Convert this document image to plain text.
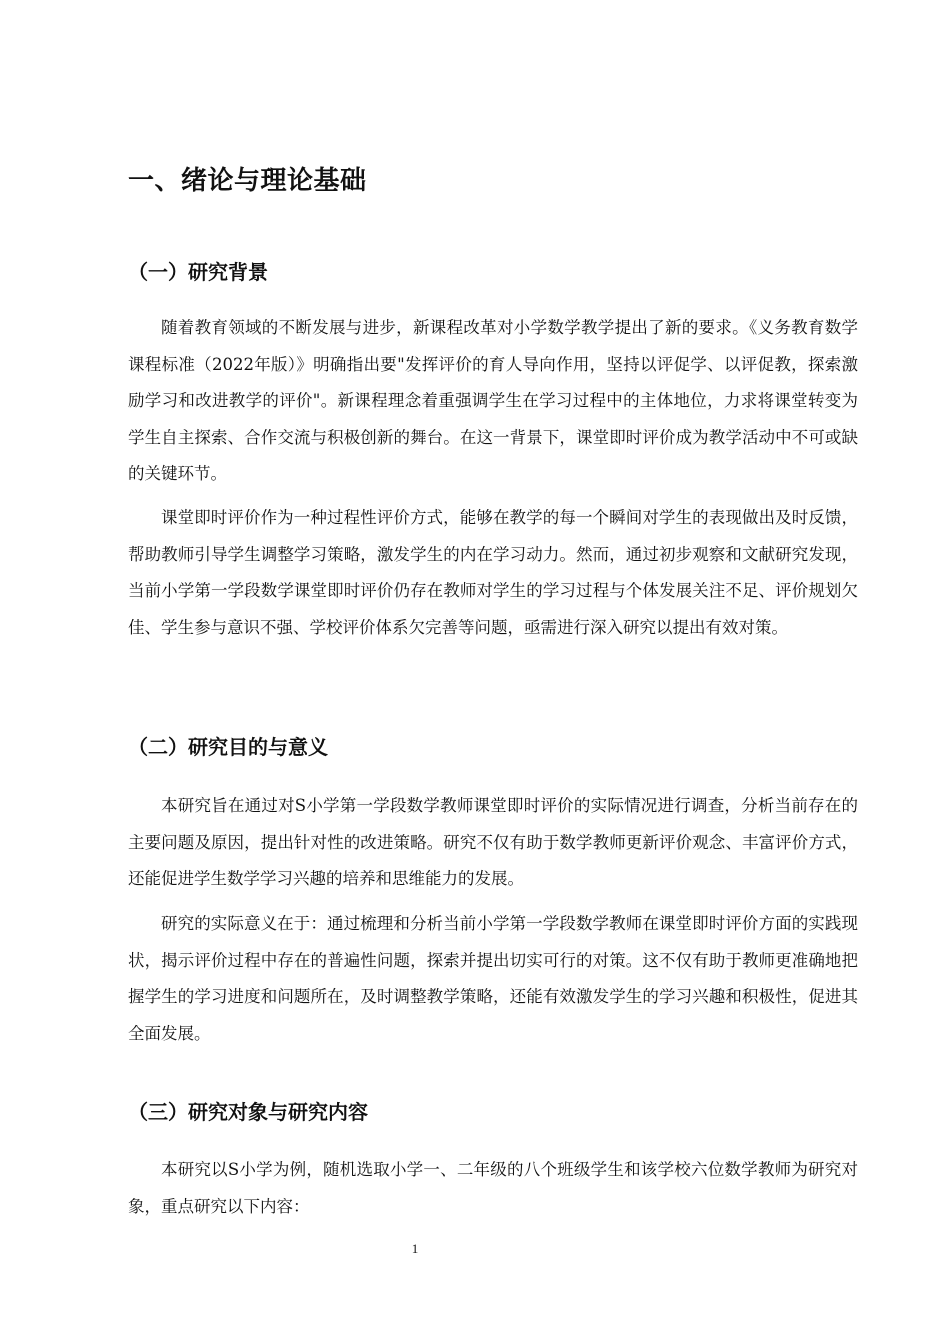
一、绪论与理论基础
（一）研究背景

随着教育领域的不断发展与进步，新课程改革对小学数学教学提出了新的要求。《义务教育数学课程标准（2022年版）》明确指出要"发挥评价的育人导向作用，坚持以评促学、以评促教，探索激励学习和改进教学的评价"。新课程理念着重强调学生在学习过程中的主体地位，力求将课堂转变为学生自主探索、合作交流与积极创新的舞台。在这一背景下，课堂即时评价成为教学活动中不可或缺的关键环节。

课堂即时评价作为一种过程性评价方式，能够在教学的每一个瞬间对学生的表现做出及时反馈，帮助教师引导学生调整学习策略，激发学生的内在学习动力。然而，通过初步观察和文献研究发现，当前小学第一学段数学课堂即时评价仍存在教师对学生的学习过程与个体发展关注不足、评价规划欠佳、学生参与意识不强、学校评价体系欠完善等问题，亟需进行深入研究以提出有效对策。

（二）研究目的与意义

本研究旨在通过对S小学第一学段数学教师课堂即时评价的实际情况进行调查，分析当前存在的主要问题及原因，提出针对性的改进策略。研究不仅有助于数学教师更新评价观念、丰富评价方式，还能促进学生数学学习兴趣的培养和思维能力的发展。

研究的实际意义在于：通过梳理和分析当前小学第一学段数学教师在课堂即时评价方面的实践现状，揭示评价过程中存在的普遍性问题，探索并提出切实可行的对策。这不仅有助于教师更准确地把握学生的学习进度和问题所在，及时调整教学策略，还能有效激发学生的学习兴趣和积极性，促进其全面发展。

（三）研究对象与研究内容

本研究以S小学为例，随机选取小学一、二年级的八个班级学生和该学校六位数学教师为研究对象，重点研究以下内容：

1
